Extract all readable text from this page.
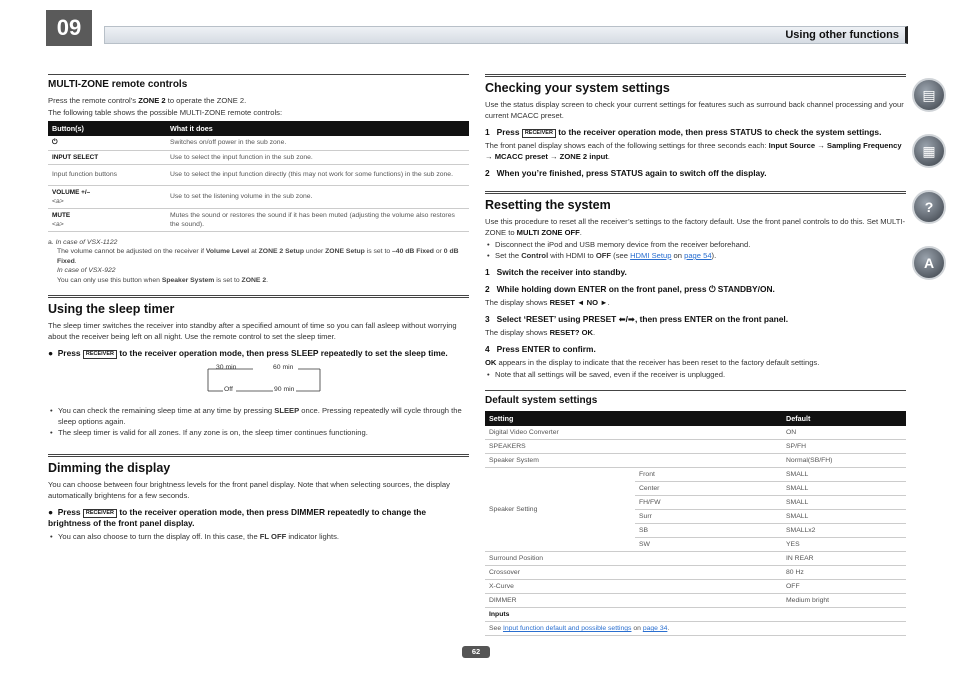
09	Using other functions
MULTI-ZONE remote controls

Press the remote control’s ZONE 2 to operate the ZONE 2.

The following table shows the possible MULTI-ZONE remote controls:

Button(s)	What it does
⏻	Switches on/off power in the sub zone.
INPUT SELECT	Use to select the input function in the sub zone.
Input function buttons	Use to select the input function directly (this may not work for some functions) in the sub zone.

VOLUME +/–
<a>	Use to set the listening volume in the sub zone.

MUTE
<a>	Mutes the sound or restores the sound if it has been muted (adjusting the volume also restores the sound).
a. In case of VSX-1122
The volume cannot be adjusted on the receiver if Volume Level at ZONE 2 Setup under ZONE Setup is set to –40 dB Fixed or 0 dB Fixed.
In case of VSX-922
You can only use this button when Speaker System is set to ZONE 2.
Using the sleep timer

The sleep timer switches the receiver into standby after a specified amount of time so you can fall asleep without worrying about the receiver being left on all night. Use the remote control to set the sleep timer.

●  Press RECEIVER to the receiver operation mode, then press SLEEP repeatedly to set the sleep time.
30 min	60 min
Off	90 min
• You can check the remaining sleep time at any time by pressing SLEEP once. Pressing repeatedly will cycle through the sleep options again.
• The sleep timer is valid for all zones. If any zone is on, the sleep timer continues functioning.
Dimming the display

You can choose between four brightness levels for the front panel display. Note that when selecting sources, the display automatically brightens for a few seconds.

●  Press RECEIVER to the receiver operation mode, then press DIMMER repeatedly to change the brightness of the front panel display.
• You can also choose to turn the display off. In this case, the FL OFF indicator lights.
Checking your system settings

Use the status display screen to check your current settings for features such as surround back channel processing and your current MCACC preset.

1 Press RECEIVER to the receiver operation mode, then press STATUS to check the system settings.

The front panel display shows each of the following settings for three seconds each: Input Source → Sampling Frequency → MCACC preset → ZONE 2 input.

2 When you’re finished, press STATUS again to switch off the display.
Resetting the system

Use this procedure to reset all the receiver’s settings to the factory default. Use the front panel controls to do this. Set MULTI-ZONE to MULTI ZONE OFF.

• Disconnect the iPod and USB memory device from the receiver beforehand.
• Set the Control with HDMI to OFF (see HDMI Setup on page 54).
1 Switch the receiver into standby.
2 While holding down ENTER on the front panel, press ⏻ STANDBY/ON.

The display shows RESET ◄ NO ►.

3 Select ‘RESET’ using PRESET ⬅/➡, then press ENTER on the front panel.

The display shows RESET? OK.

4 Press ENTER to confirm.

OK appears in the display to indicate that the receiver has been reset to the factory default settings.

• Note that all settings will be saved, even if the receiver is unplugged.
Default system settings
Setting		Default
Digital Video Converter		ON
SPEAKERS		SP/FH
Speaker System		Normal(SB/FH)
Speaker Setting	Front	SMALL
	Center	SMALL
	FH/FW	SMALL
	Surr	SMALL
	SB	SMALLx2
	SW	YES
Surround Position		IN REAR
Crossover		80 Hz
X-Curve		OFF
DIMMER		Medium bright
Inputs		
See Input function default and possible settings on page 34.		
▤
▦
?
A
62
